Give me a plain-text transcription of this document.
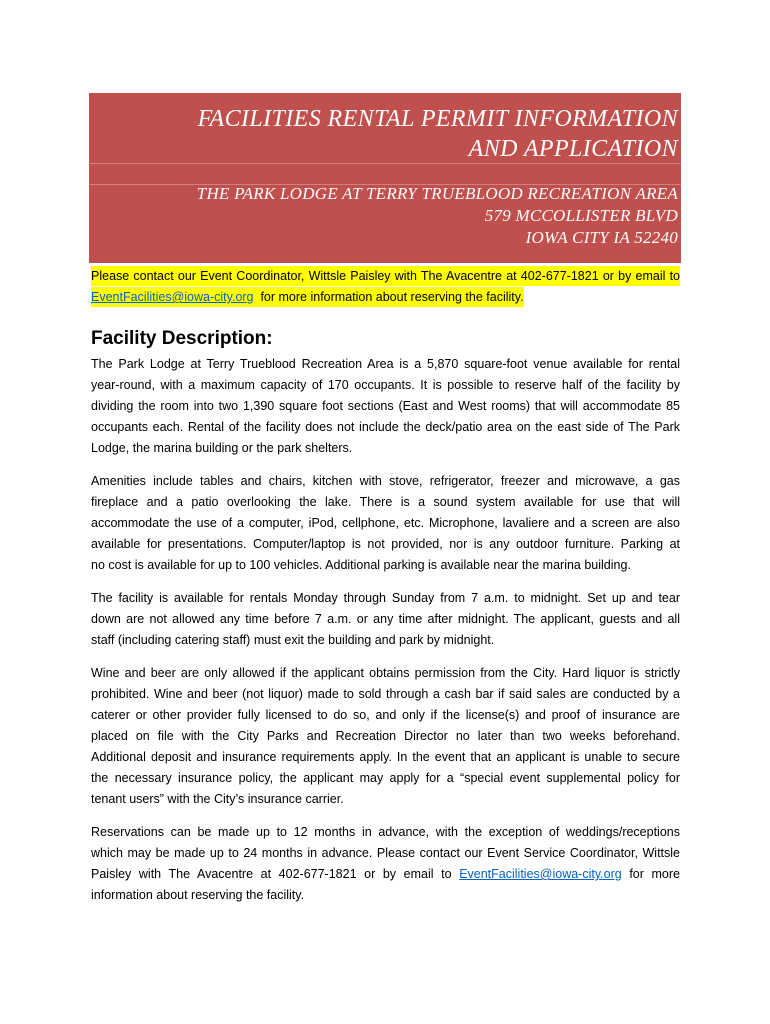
FACILITIES RENTAL PERMIT INFORMATION
AND APPLICATION
THE PARK LODGE AT TERRY TRUEBLOOD RECREATION AREA
579 MCCOLLISTER BLVD
IOWA CITY IA 52240
Please contact our Event Coordinator, Wittsle Paisley with The Avacentre at 402-677-1821 or by email to
EventFacilities@iowa-city.org  for more information about reserving the facility.
Facility Description:
The Park Lodge at Terry Trueblood Recreation Area is a 5,870 square-foot venue available for rental
year-round, with a maximum capacity of 170 occupants. It is possible to reserve half of the facility by
dividing the room into two 1,390 square foot sections (East and West rooms) that will accommodate 85
occupants each. Rental of the facility does not include the deck/patio area on the east side of The Park
Lodge, the marina building or the park shelters.
Amenities include tables and chairs, kitchen with stove, refrigerator, freezer and microwave, a gas
fireplace and a patio overlooking the lake. There is a sound system available for use that will
accommodate the use of a computer, iPod, cellphone, etc. Microphone, lavaliere and a screen are also
available for presentations. Computer/laptop is not provided, nor is any outdoor furniture. Parking at
no cost is available for up to 100 vehicles. Additional parking is available near the marina building.
The facility is available for rentals Monday through Sunday from 7 a.m. to midnight. Set up and tear
down are not allowed any time before 7 a.m. or any time after midnight. The applicant, guests and all
staff (including catering staff) must exit the building and park by midnight.
Wine and beer are only allowed if the applicant obtains permission from the City. Hard liquor is strictly
prohibited. Wine and beer (not liquor) made to sold through a cash bar if said sales are conducted by a
caterer or other provider fully licensed to do so, and only if the license(s) and proof of insurance are
placed on file with the City Parks and Recreation Director no later than two weeks beforehand.
Additional deposit and insurance requirements apply. In the event that an applicant is unable to secure
the necessary insurance policy, the applicant may apply for a “special event supplemental policy for
tenant users” with the City’s insurance carrier.
Reservations can be made up to 12 months in advance, with the exception of weddings/receptions
which may be made up to 24 months in advance. Please contact our Event Service Coordinator, Wittsle
Paisley with The Avacentre at 402-677-1821 or by email to EventFacilities@iowa-city.org for more
information about reserving the facility.
